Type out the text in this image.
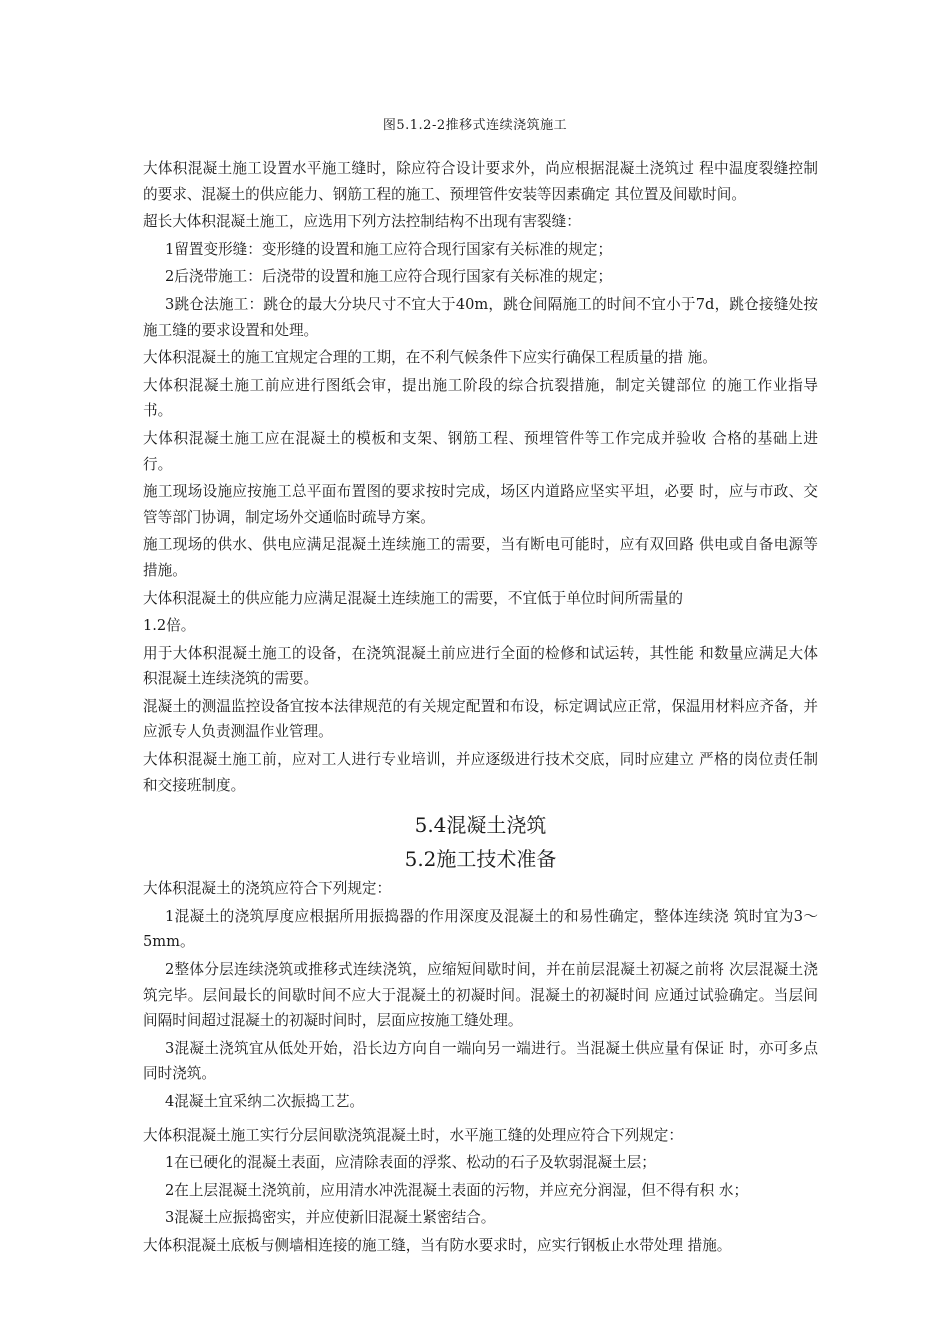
图5.1.2-2推移式连续浇筑施工

大体积混凝土施工设置水平施工缝时，除应符合设计要求外，尚应根据混凝土浇筑过 程中温度裂缝控制的要求、混凝土的供应能力、钢筋工程的施工、预埋管件安装等因素确定 其位置及间歇时间。

超长大体积混凝土施工，应选用下列方法控制结构不出现有害裂缝：

1留置变形缝：变形缝的设置和施工应符合现行国家有关标准的规定；

2后浇带施工：后浇带的设置和施工应符合现行国家有关标准的规定；

3跳仓法施工：跳仓的最大分块尺寸不宜大于40m，跳仓间隔施工的时间不宜小于7d，跳仓接缝处按施工缝的要求设置和处理。

大体积混凝土的施工宜规定合理的工期，在不利气候条件下应实行确保工程质量的措 施。

大体积混凝土施工前应进行图纸会审，提出施工阶段的综合抗裂措施，制定关键部位 的施工作业指导书。

大体积混凝土施工应在混凝土的模板和支架、钢筋工程、预埋管件等工作完成并验收 合格的基础上进行。

施工现场设施应按施工总平面布置图的要求按时完成，场区内道路应坚实平坦，必要 时，应与市政、交管等部门协调，制定场外交通临时疏导方案。

施工现场的供水、供电应满足混凝土连续施工的需要，当有断电可能时，应有双回路 供电或自备电源等措施。

大体积混凝土的供应能力应满足混凝土连续施工的需要，不宜低于单位时间所需量的

1.2倍。

用于大体积混凝土施工的设备，在浇筑混凝土前应进行全面的检修和试运转，其性能 和数量应满足大体积混凝土连续浇筑的需要。

混凝土的测温监控设备宜按本法律规范的有关规定配置和布设，标定调试应正常，保温用材料应齐备，并应派专人负责测温作业管理。

大体积混凝土施工前，应对工人进行专业培训，并应逐级进行技术交底，同时应建立 严格的岗位责任制和交接班制度。

5.4混凝土浇筑
5.2施工技术准备

大体积混凝土的浇筑应符合下列规定：

1混凝土的浇筑厚度应根据所用振捣器的作用深度及混凝土的和易性确定，整体连续浇 筑时宜为3〜5mm。

2整体分层连续浇筑或推移式连续浇筑，应缩短间歇时间，并在前层混凝土初凝之前将 次层混凝土浇筑完毕。层间最长的间歇时间不应大于混凝土的初凝时间。混凝土的初凝时间 应通过试验确定。当层间间隔时间超过混凝土的初凝时间时，层面应按施工缝处理。

3混凝土浇筑宜从低处开始，沿长边方向自一端向另一端进行。当混凝土供应量有保证 时，亦可多点同时浇筑。

4混凝土宜采纳二次振捣工艺。

大体积混凝土施工实行分层间歇浇筑混凝土时，水平施工缝的处理应符合下列规定：

1在已硬化的混凝土表面，应清除表面的浮浆、松动的石子及软弱混凝土层；

2在上层混凝土浇筑前，应用清水冲洗混凝土表面的污物，并应充分润湿，但不得有积 水；

3混凝土应振捣密实，并应使新旧混凝土紧密结合。

大体积混凝土底板与侧墙相连接的施工缝，当有防水要求时，应实行钢板止水带处理 措施。
